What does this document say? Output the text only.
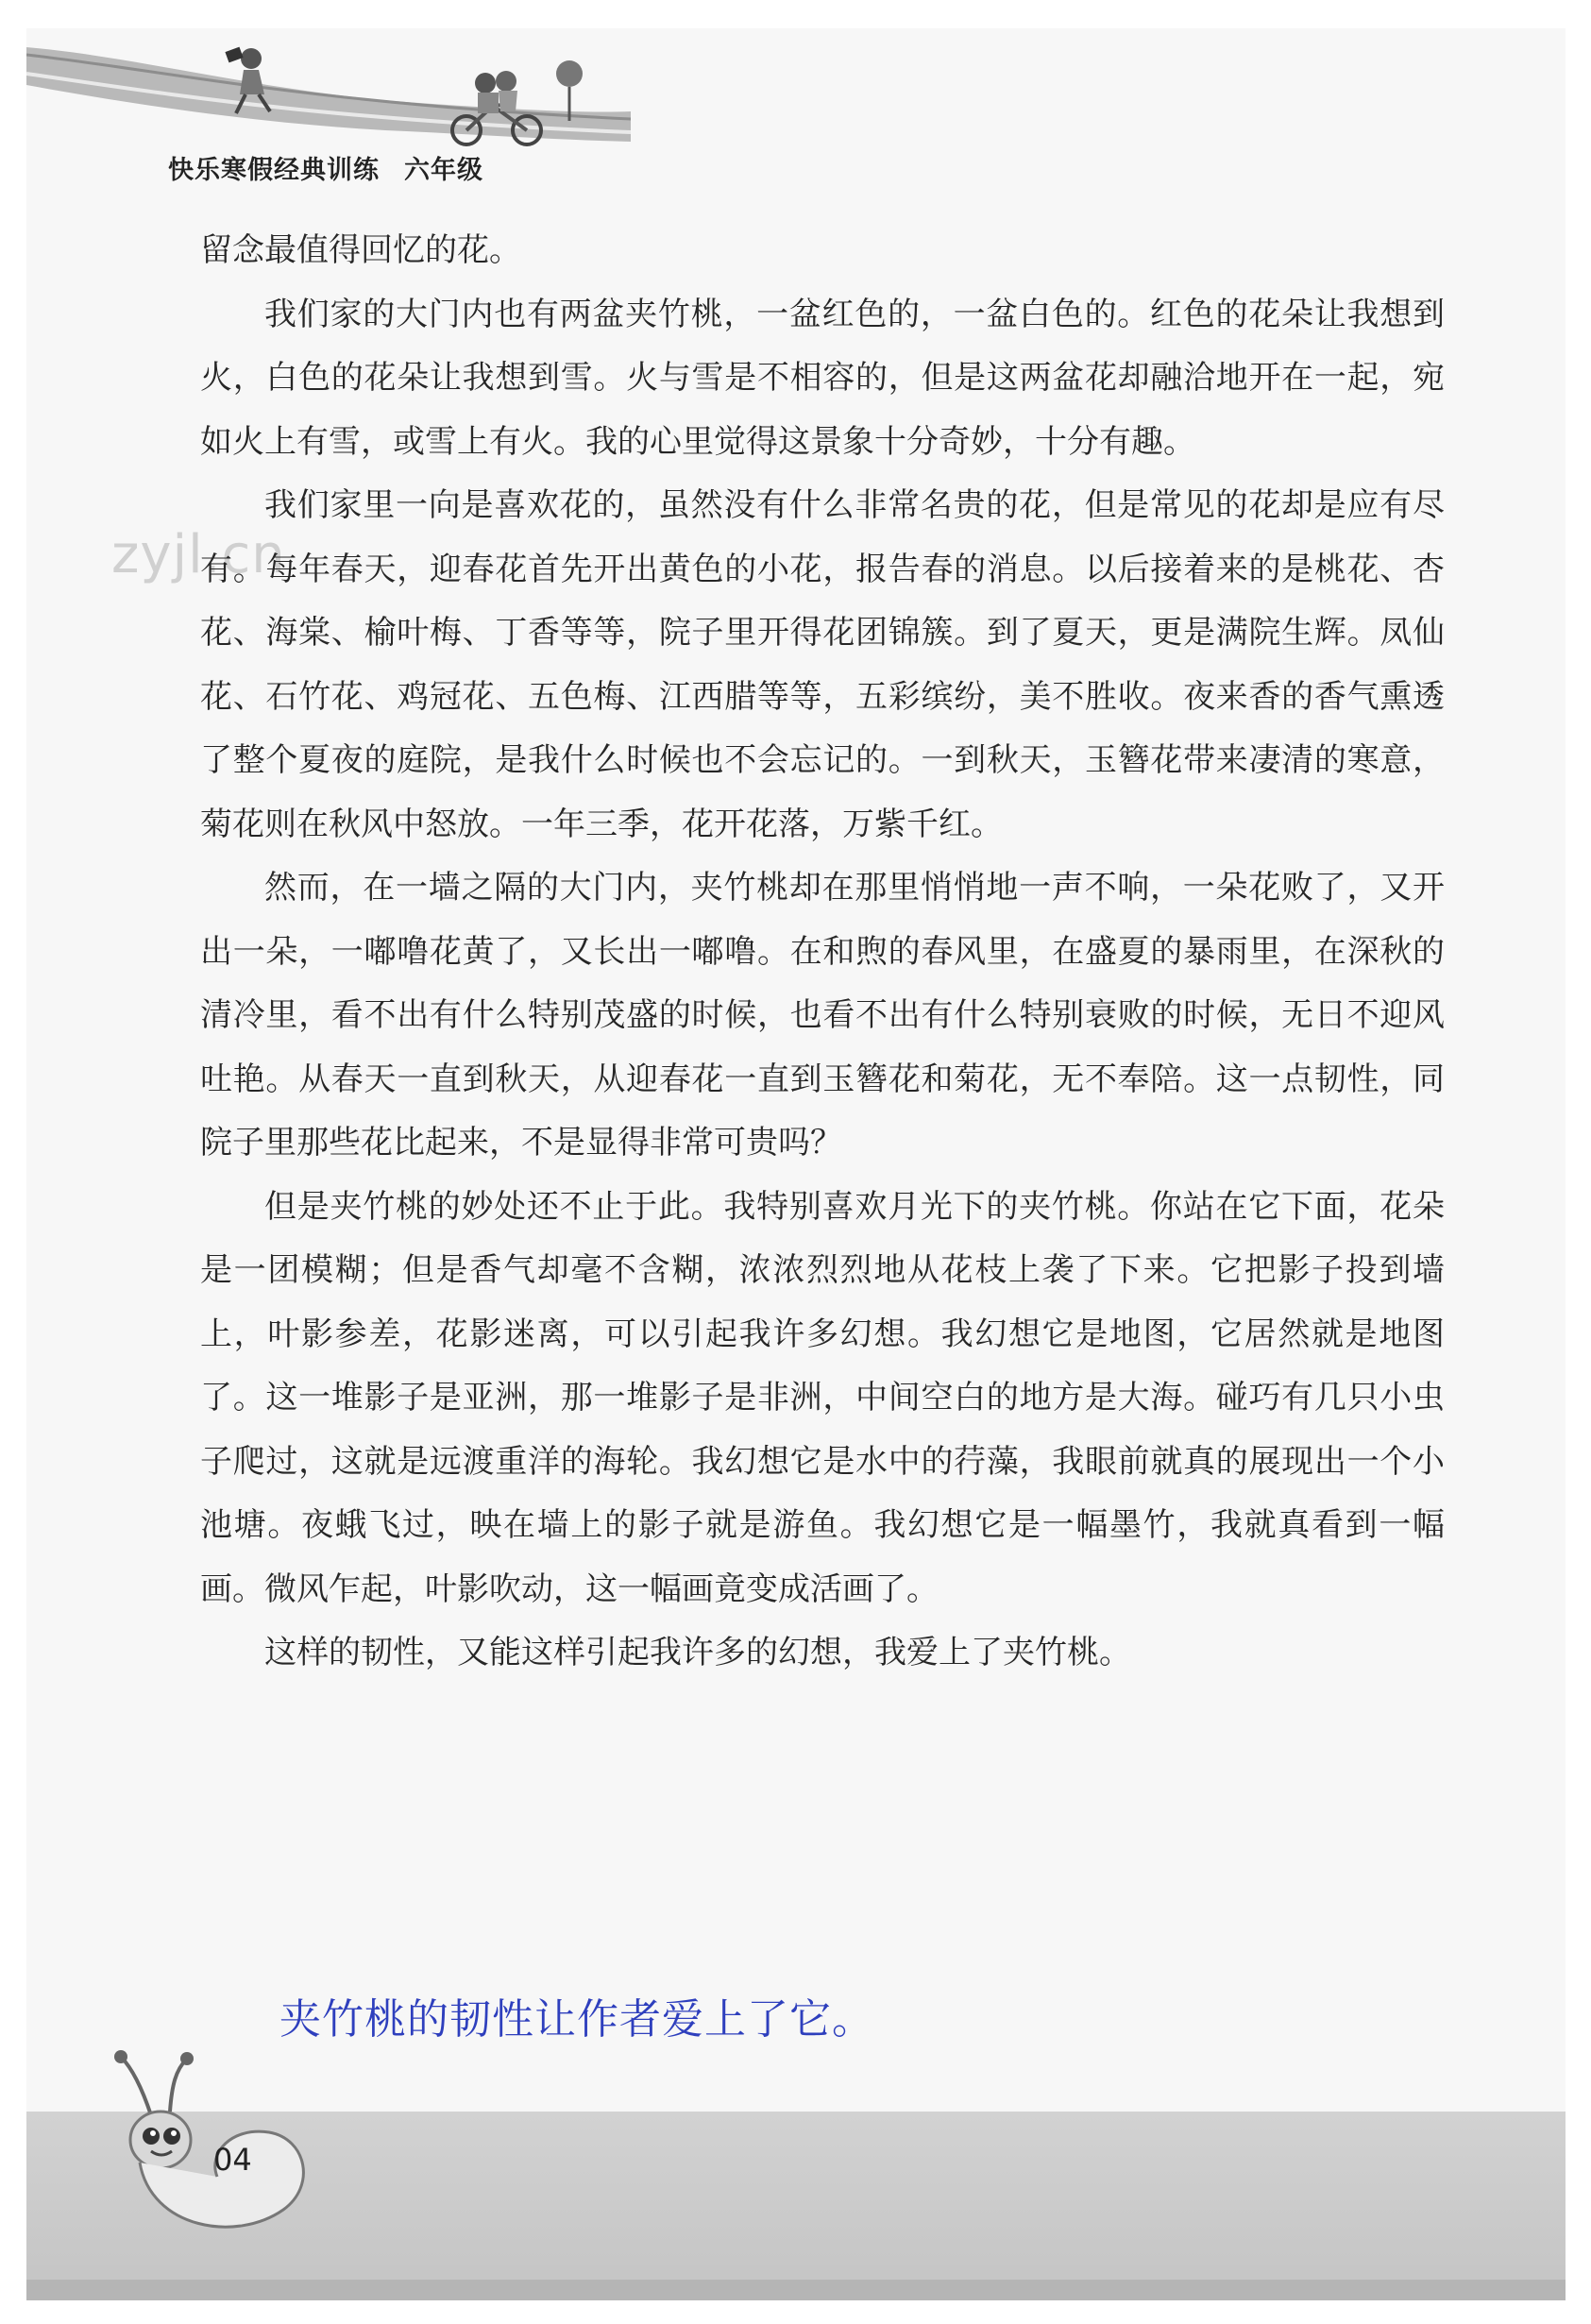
快乐寒假经典训练 六年级
zyjl.cn

留念最值得回忆的花。

我们家的大门内也有两盆夹竹桃，一盆红色的，一盆白色的。红色的花朵让我想到火，白色的花朵让我想到雪。火与雪是不相容的，但是这两盆花却融洽地开在一起，宛如火上有雪，或雪上有火。我的心里觉得这景象十分奇妙，十分有趣。

我们家里一向是喜欢花的，虽然没有什么非常名贵的花，但是常见的花却是应有尽有。每年春天，迎春花首先开出黄色的小花，报告春的消息。以后接着来的是桃花、杏花、海棠、榆叶梅、丁香等等，院子里开得花团锦簇。到了夏天，更是满院生辉。凤仙花、石竹花、鸡冠花、五色梅、江西腊等等，五彩缤纷，美不胜收。夜来香的香气熏透了整个夏夜的庭院，是我什么时候也不会忘记的。一到秋天，玉簪花带来凄清的寒意，菊花则在秋风中怒放。一年三季，花开花落，万紫千红。

然而，在一墙之隔的大门内，夹竹桃却在那里悄悄地一声不响，一朵花败了，又开出一朵，一嘟噜花黄了，又长出一嘟噜。在和煦的春风里，在盛夏的暴雨里，在深秋的清冷里，看不出有什么特别茂盛的时候，也看不出有什么特别衰败的时候，无日不迎风吐艳。从春天一直到秋天，从迎春花一直到玉簪花和菊花，无不奉陪。这一点韧性，同院子里那些花比起来，不是显得非常可贵吗？

但是夹竹桃的妙处还不止于此。我特别喜欢月光下的夹竹桃。你站在它下面，花朵是一团模糊；但是香气却毫不含糊，浓浓烈烈地从花枝上袭了下来。它把影子投到墙上，叶影参差，花影迷离，可以引起我许多幻想。我幻想它是地图，它居然就是地图了。这一堆影子是亚洲，那一堆影子是非洲，中间空白的地方是大海。碰巧有几只小虫子爬过，这就是远渡重洋的海轮。我幻想它是水中的荇藻，我眼前就真的展现出一个小池塘。夜蛾飞过，映在墙上的影子就是游鱼。我幻想它是一幅墨竹，我就真看到一幅画。微风乍起，叶影吹动，这一幅画竟变成活画了。

这样的韧性，又能这样引起我许多的幻想，我爱上了夹竹桃。

夹竹桃的韧性让作者爱上了它。
04
